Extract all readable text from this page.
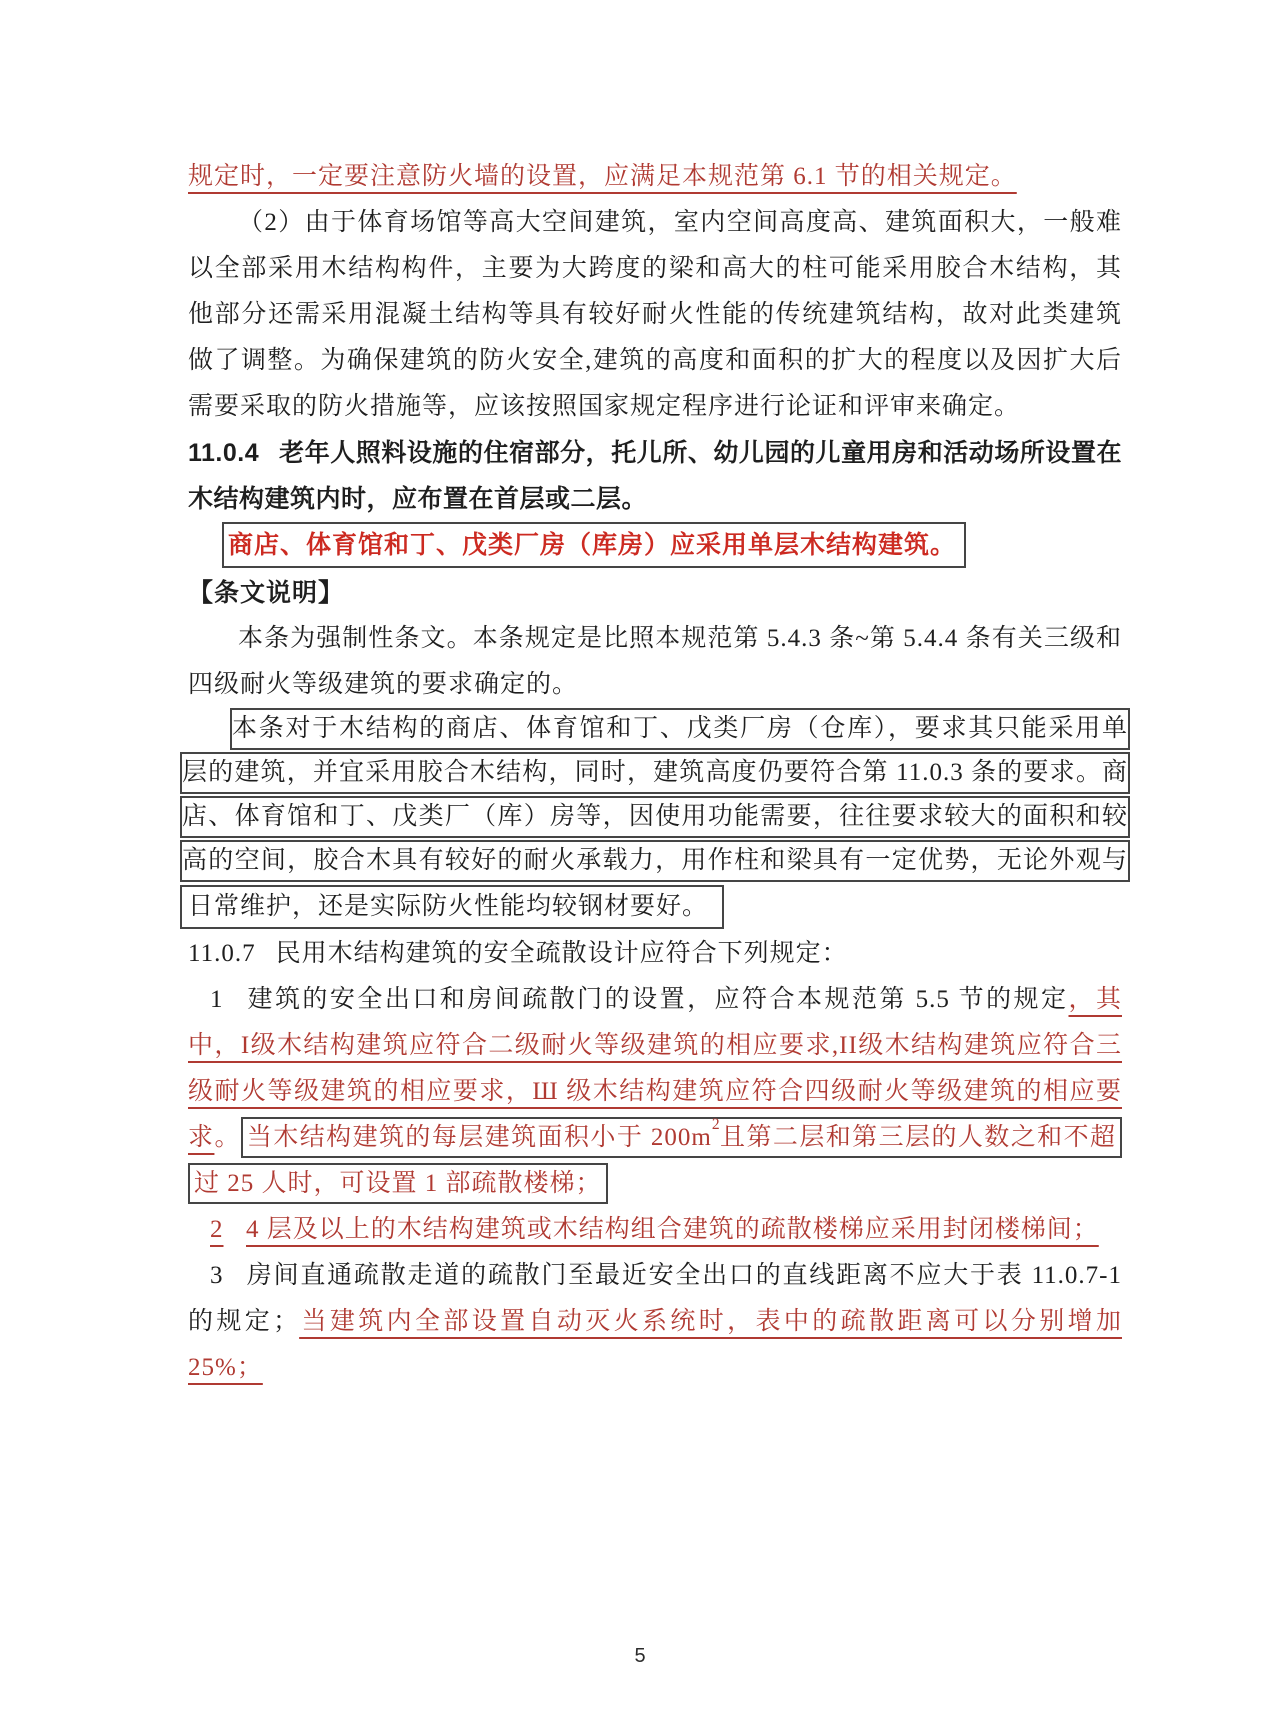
规定时，一定要注意防火墙的设置，应满足本规范第 6.1 节的相关规定。

（2）由于体育场馆等高大空间建筑，室内空间高度高、建筑面积大，一般难以全部采用木结构构件，主要为大跨度的梁和高大的柱可能采用胶合木结构，其他部分还需采用混凝土结构等具有较好耐火性能的传统建筑结构，故对此类建筑做了调整。为确保建筑的防火安全,建筑的高度和面积的扩大的程度以及因扩大后需要采取的防火措施等，应该按照国家规定程序进行论证和评审来确定。

11.0.4 老年人照料设施的住宿部分，托儿所、幼儿园的儿童用房和活动场所设置在木结构建筑内时，应布置在首层或二层。

商店、体育馆和丁、戊类厂房（库房）应采用单层木结构建筑。

【条文说明】

本条为强制性条文。本条规定是比照本规范第 5.4.3 条~第 5.4.4 条有关三级和四级耐火等级建筑的要求确定的。

本条对于木结构的商店、体育馆和丁、戊类厂房（仓库），要求其只能采用单
层的建筑，并宜采用胶合木结构，同时，建筑高度仍要符合第 11.0.3 条的要求。商
店、体育馆和丁、戊类厂（库）房等，因使用功能需要，往往要求较大的面积和较
高的空间，胶合木具有较好的耐火承载力，用作柱和梁具有一定优势，无论外观与
日常维护，还是实际防火性能均较钢材要好。

11.0.7 民用木结构建筑的安全疏散设计应符合下列规定：

1 建筑的安全出口和房间疏散门的设置，应符合本规范第 5.5 节的规定，其中，I级木结构建筑应符合二级耐火等级建筑的相应要求,II级木结构建筑应符合三级耐火等级建筑的相应要求，Ш 级木结构建筑应符合四级耐火等级建筑的相应要求。 当木结构建筑的每层建筑面积小于 $200m^2$且第二层和第三层的人数之和不超过 25 人时，可设置 1 部疏散楼梯；

2 4 层及以上的木结构建筑或木结构组合建筑的疏散楼梯应采用封闭楼梯间；

3 房间直通疏散走道的疏散门至最近安全出口的直线距离不应大于表 11.0.7-1 的规定；当建筑内全部设置自动灭火系统时，表中的疏散距离可以分别增加 25%；

5
